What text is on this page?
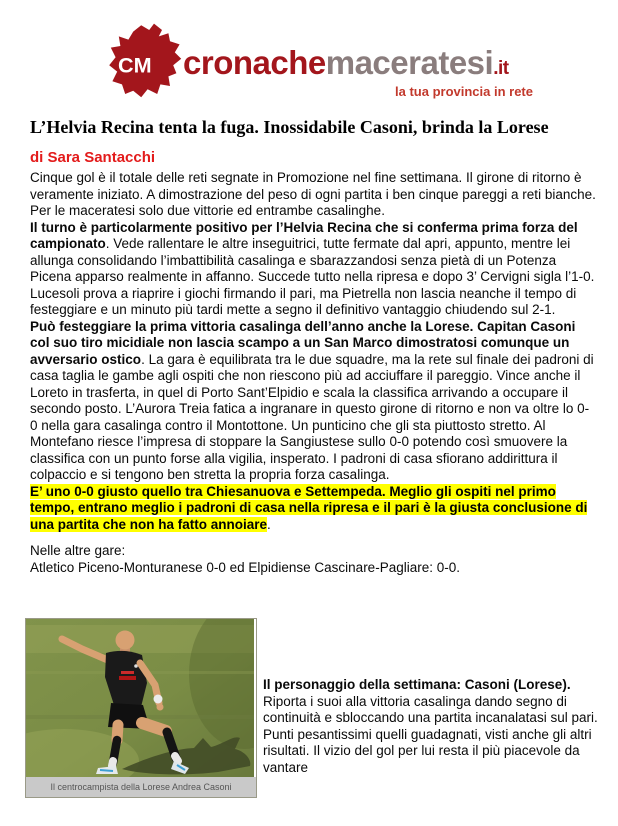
CM cronachemaceratesi.it
la tua provincia in rete
L’Helvia Recina tenta la fuga. Inossidabile Casoni, brinda la Lorese
di Sara Santacchi

Cinque gol è il totale delle reti segnate in Promozione nel fine settimana. Il girone di ritorno è veramente iniziato. A dimostrazione del peso di ogni partita i ben cinque pareggi a reti bianche. Per le maceratesi solo due vittorie ed entrambe casalinghe.

Il turno è particolarmente positivo per l’Helvia Recina che si conferma prima forza del campionato. Vede rallentare le altre inseguitrici, tutte fermate dal apri, appunto, mentre lei allunga consolidando l’imbattibilità casalinga e sbarazzandosi senza pietà di un Potenza Picena apparso realmente in affanno. Succede tutto nella ripresa e dopo 3’ Cervigni sigla l’1-0. Lucesoli prova a riaprire i giochi firmando il pari, ma Pietrella non lascia neanche il tempo di festeggiare e un minuto più tardi mette a segno il definitivo vantaggio chiudendo sul 2-1.

Può festeggiare la prima vittoria casalinga dell’anno anche la Lorese. Capitan Casoni col suo tiro micidiale non lascia scampo a un San Marco dimostratosi comunque un avversario ostico. La gara è equilibrata tra le due squadre, ma la rete sul finale dei padroni di casa taglia le gambe agli ospiti che non riescono più ad acciuffare il pareggio. Vince anche il Loreto in trasferta, in quel di Porto Sant’Elpidio e scala la classifica arrivando a occupare il secondo posto. L’Aurora Treia fatica a ingranare in questo girone di ritorno e non va oltre lo 0-0 nella gara casalinga contro il Montottone. Un punticino che gli sta piuttosto stretto. Al Montefano riesce l’impresa di stoppare la Sangiustese sullo 0-0 potendo così smuovere la classifica con un punto forse alla vigilia, insperato. I padroni di casa sfiorano addirittura il colpaccio e si tengono ben stretta la propria forza casalinga.

E’ uno 0-0 giusto quello tra Chiesanuova e Settempeda. Meglio gli ospiti nel primo tempo, entrano meglio i padroni di casa nella ripresa e il pari è la giusta conclusione di una partita che non ha fatto annoiare.

Nelle altre gare:

Atletico Piceno-Monturanese 0-0 ed Elpidiense Cascinare-Pagliare: 0-0.

Il centrocampista della Lorese Andrea Casoni
Il personaggio della settimana: Casoni (Lorese).
Riporta i suoi alla vittoria casalinga dando segno di continuità e sbloccando una partita incanalatasi sul pari. Punti pesantissimi quelli guadagnati, visti anche gli altri risultati. Il vizio del gol per lui resta il più piacevole da vantare
